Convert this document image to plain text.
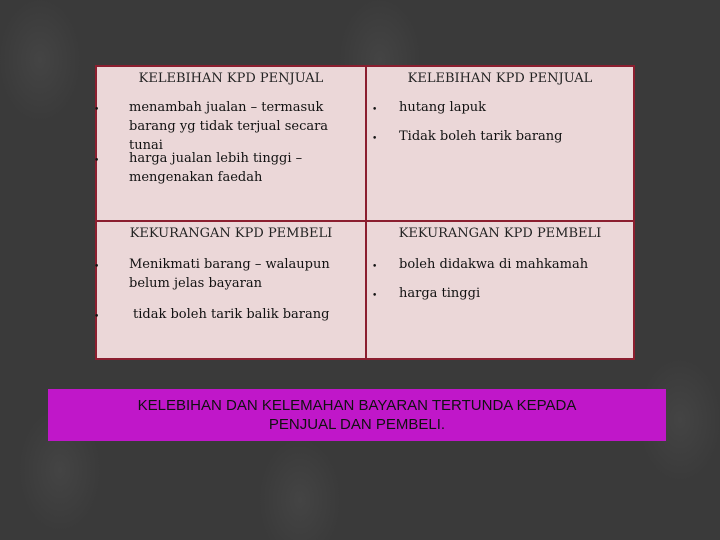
KELEBIHAN KPD PENJUAL
• menambah jualan – termasuk barang yg tidak terjual secara tunai
• harga jualan lebih tinggi – mengenakan faedah
KELEBIHAN KPD PENJUAL
• hutang lapuk
• Tidak boleh tarik barang
KEKURANGAN KPD PEMBELI
• Menikmati barang – walaupun belum jelas bayaran
•	tidak boleh tarik balik barang
KEKURANGAN KPD PEMBELI
• boleh didakwa di mahkamah
• harga tinggi
KELEBIHAN DAN KELEMAHAN BAYARAN TERTUNDA KEPADA
PENJUAL DAN PEMBELI.
